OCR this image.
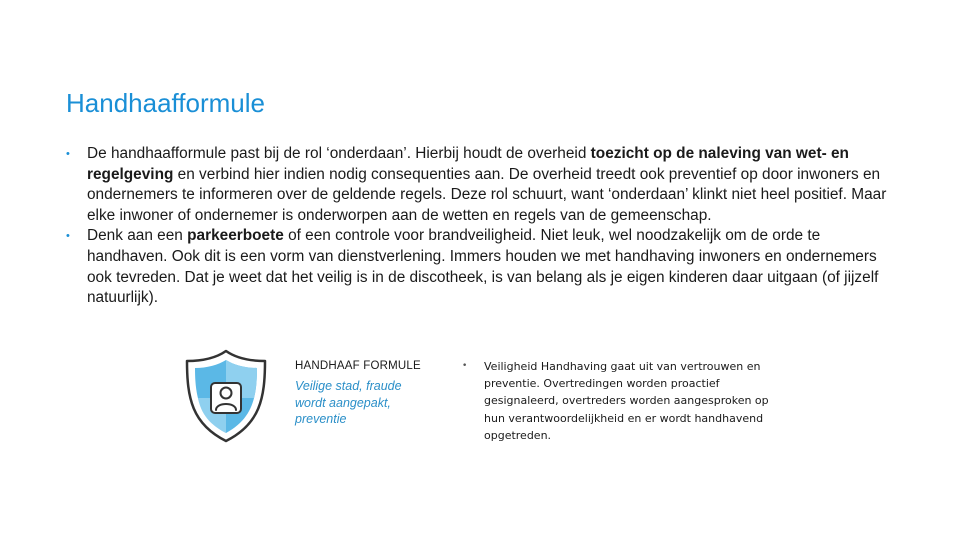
Handhaafformule
• De handhaafformule past bij de rol ‘onderdaan’. Hierbij houdt de overheid toezicht op de naleving van wet- en regelgeving en verbind hier indien nodig consequenties aan. De overheid treedt ook preventief op door inwoners en ondernemers te informeren over de geldende regels. Deze rol schuurt, want ‘onderdaan’ klinkt niet heel positief. Maar elke inwoner of ondernemer is onderworpen aan de wetten en regels van de gemeenschap.
• Denk aan een parkeerboete of een controle voor brandveiligheid. Niet leuk, wel noodzakelijk om de orde te handhaven. Ook dit is een vorm van dienstverlening. Immers houden we met handhaving inwoners en ondernemers ook tevreden. Dat je weet dat het veilig is in de discotheek, is van belang als je eigen kinderen daar uitgaan (of jijzelf natuurlijk).
HANDHAAF FORMULE
Veilige stad, fraude wordt aangepakt, preventie
• Veiligheid Handhaving gaat uit van vertrouwen en preventie. Overtredingen worden proactief gesignaleerd, overtreders worden aangesproken op hun verantwoordelijkheid en er wordt handhavend opgetreden.
